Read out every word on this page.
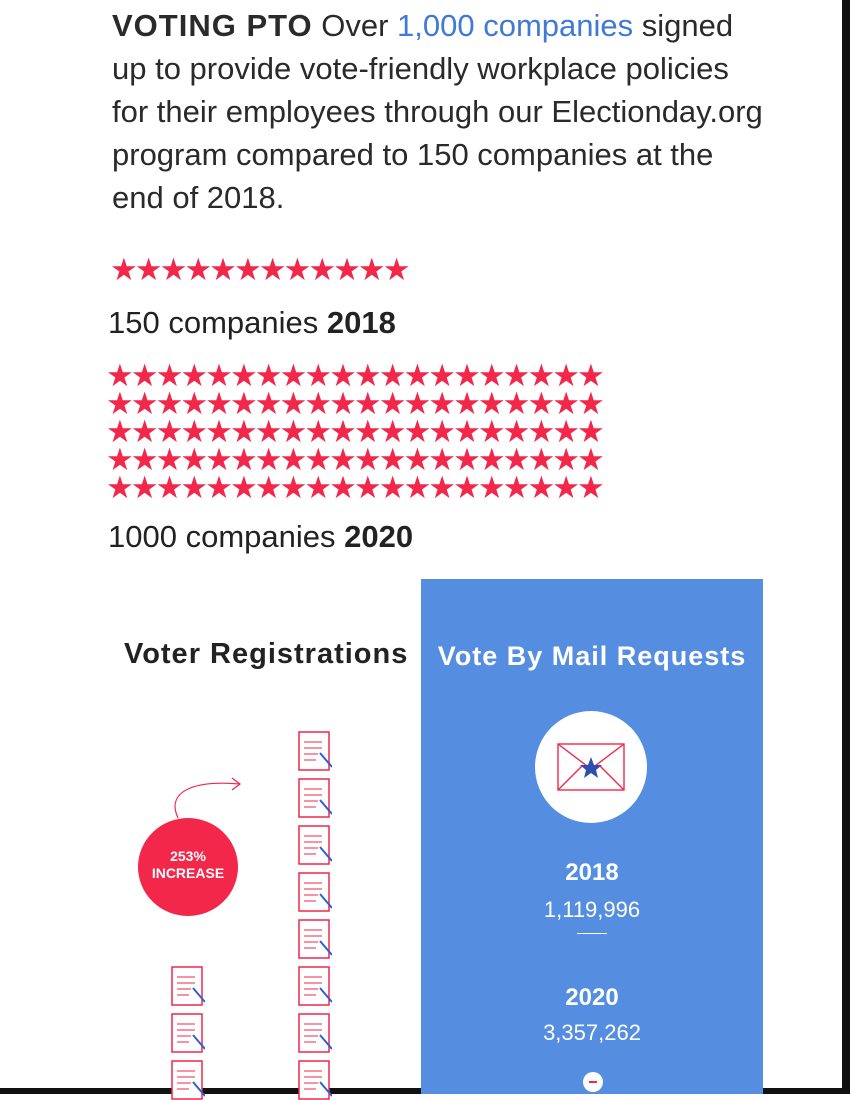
VOTING PTO Over 1,000 companies signed up to provide vote-friendly workplace policies for their employees through our Electionday.org program compared to 150 companies at the end of 2018.

★★★★★★★★★★★★
150 companies 2018
★★★★★★★★★★★★★★★★★★★★
★★★★★★★★★★★★★★★★★★★★
★★★★★★★★★★★★★★★★★★★★
★★★★★★★★★★★★★★★★★★★★
★★★★★★★★★★★★★★★★★★★★
1000 companies 2020
Voter Registrations
253%
INCREASE
Vote By Mail Requests
2018
1,119,996
2020
3,357,262
